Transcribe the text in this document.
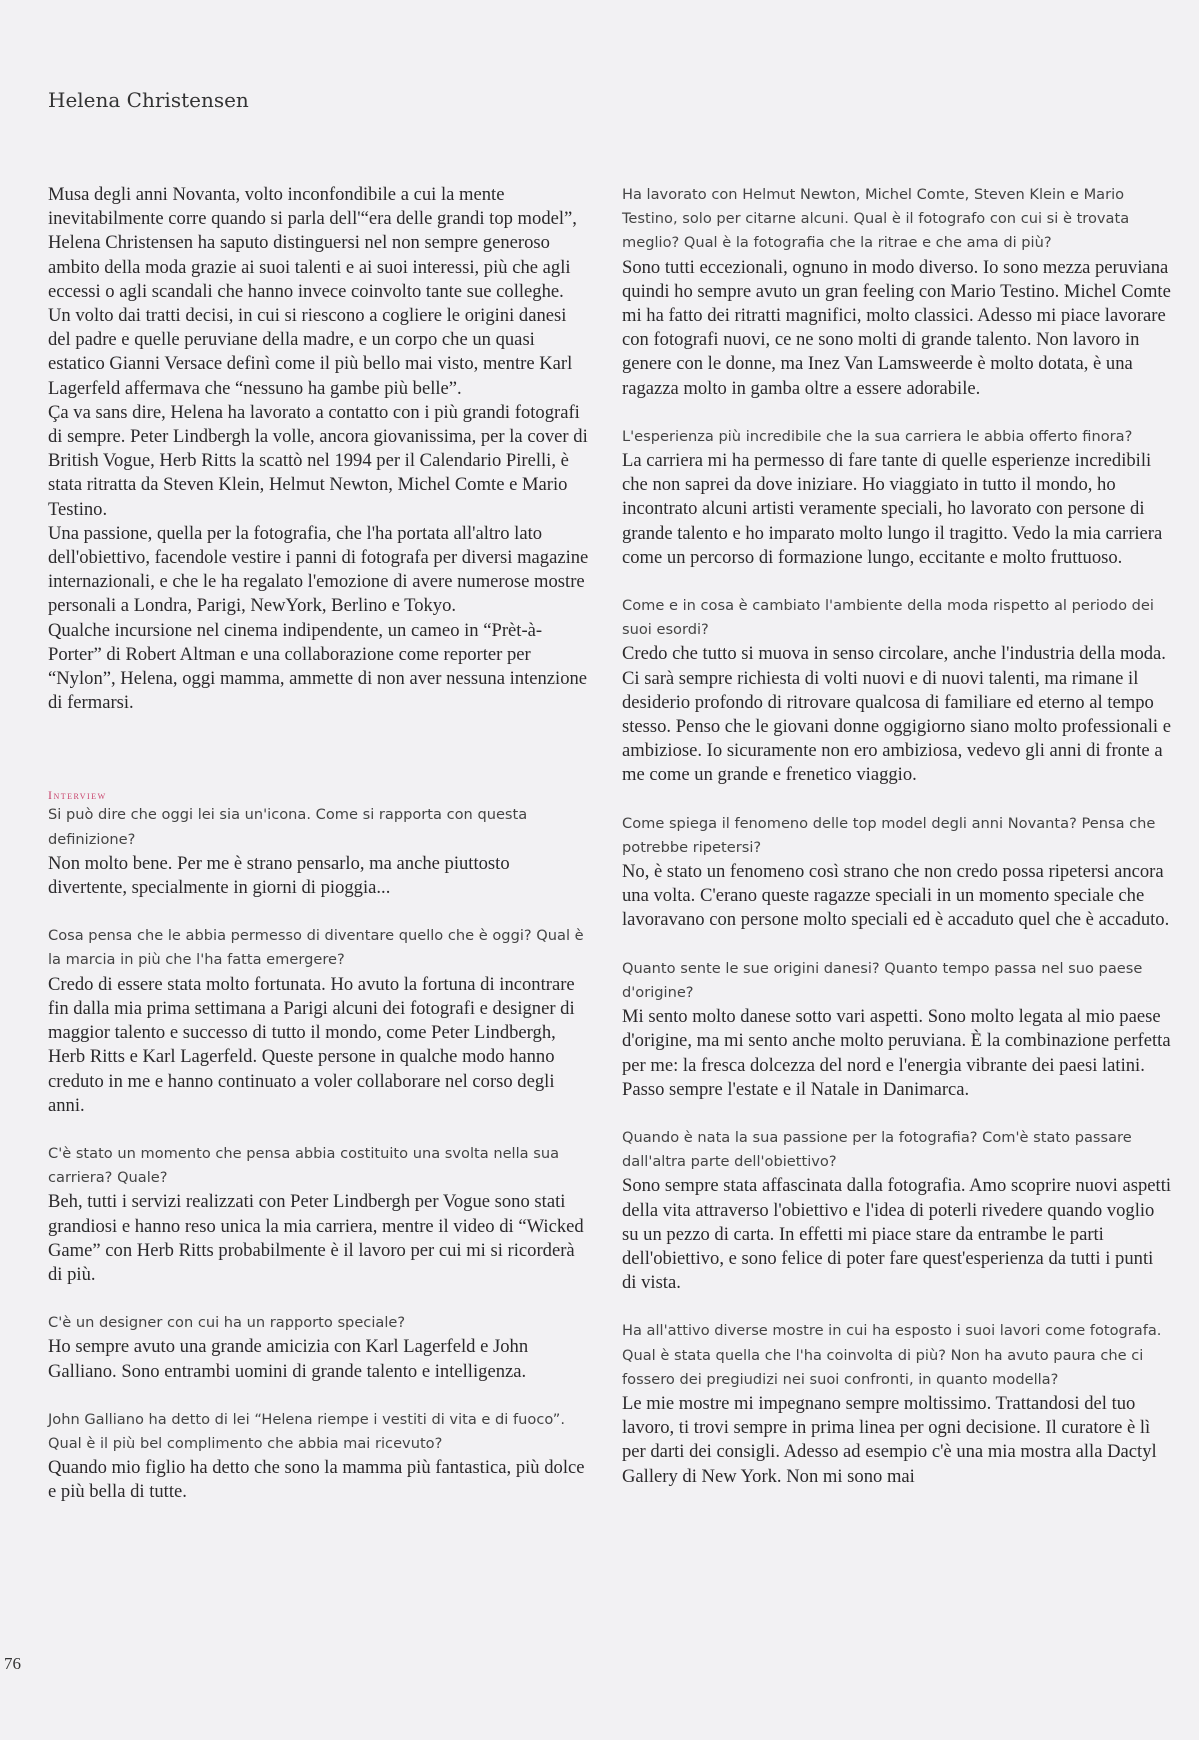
Helena Christensen

Musa degli anni Novanta, volto inconfondibile a cui la mente inevitabilmente corre quando si parla dell'“era delle grandi top model”, Helena Christensen ha saputo distinguersi nel non sempre generoso ambito della moda grazie ai suoi talenti e ai suoi interessi, più che agli eccessi o agli scandali che hanno invece coinvolto tante sue colleghe.

Un volto dai tratti decisi, in cui si riescono a cogliere le origini danesi del padre e quelle peruviane della madre, e un corpo che un quasi estatico Gianni Versace definì come il più bello mai visto, mentre Karl Lagerfeld affermava che “nessuno ha gambe più belle”.

Ça va sans dire, Helena ha lavorato a contatto con i più grandi fotografi di sempre. Peter Lindbergh la volle, ancora giovanissima, per la cover di British Vogue, Herb Ritts la scattò nel 1994 per il Calendario Pirelli, è stata ritratta da Steven Klein, Helmut Newton, Michel Comte e Mario Testino.

Una passione, quella per la fotografia, che l'ha portata all'altro lato dell'obiettivo, facendole vestire i panni di fotografa per diversi magazine internazionali, e che le ha regalato l'emozione di avere numerose mostre personali a Londra, Parigi, NewYork, Berlino e Tokyo.

Qualche incursione nel cinema indipendente, un cameo in “Prèt-à-Porter” di Robert Altman e una collaborazione come reporter per “Nylon”, Helena, oggi mamma, ammette di non aver nessuna intenzione di fermarsi.

Interview

Si può dire che oggi lei sia un'icona. Come si rapporta con questa definizione?

Non molto bene. Per me è strano pensarlo, ma anche piuttosto divertente, specialmente in giorni di pioggia...

Cosa pensa che le abbia permesso di diventare quello che è oggi? Qual è la marcia in più che l'ha fatta emergere?

Credo di essere stata molto fortunata. Ho avuto la fortuna di incontrare fin dalla mia prima settimana a Parigi alcuni dei fotografi e designer di maggior talento e successo di tutto il mondo, come Peter Lindbergh, Herb Ritts e Karl Lagerfeld. Queste persone in qualche modo hanno creduto in me e hanno continuato a voler collaborare nel corso degli anni.

C'è stato un momento che pensa abbia costituito una svolta nella sua carriera? Quale?

Beh, tutti i servizi realizzati con Peter Lindbergh per Vogue sono stati grandiosi e hanno reso unica la mia carriera, mentre il video di “Wicked Game” con Herb Ritts probabilmente è il lavoro per cui mi si ricorderà di più.

C'è un designer con cui ha un rapporto speciale?

Ho sempre avuto una grande amicizia con Karl Lagerfeld e John Galliano. Sono entrambi uomini di grande talento e intelligenza.

John Galliano ha detto di lei “Helena riempe i vestiti di vita e di fuoco”. Qual è il più bel complimento che abbia mai ricevuto?

Quando mio figlio ha detto che sono la mamma più fantastica, più dolce e più bella di tutte.

Ha lavorato con Helmut Newton, Michel Comte, Steven Klein e Mario Testino, solo per citarne alcuni. Qual è il fotografo con cui si è trovata meglio? Qual è la fotografia che la ritrae e che ama di più?

Sono tutti eccezionali, ognuno in modo diverso. Io sono mezza peruviana quindi ho sempre avuto un gran feeling con Mario Testino. Michel Comte mi ha fatto dei ritratti magnifici, molto classici. Adesso mi piace lavorare con fotografi nuovi, ce ne sono molti di grande talento. Non lavoro in genere con le donne, ma Inez Van Lamsweerde è molto dotata, è una ragazza molto in gamba oltre a essere adorabile.

L'esperienza più incredibile che la sua carriera le abbia offerto finora?

La carriera mi ha permesso di fare tante di quelle esperienze incredibili che non saprei da dove iniziare. Ho viaggiato in tutto il mondo, ho incontrato alcuni artisti veramente speciali, ho lavorato con persone di grande talento e ho imparato molto lungo il tragitto. Vedo la mia carriera come un percorso di formazione lungo, eccitante e molto fruttuoso.

Come e in cosa è cambiato l'ambiente della moda rispetto al periodo dei suoi esordi?

Credo che tutto si muova in senso circolare, anche l'industria della moda. Ci sarà sempre richiesta di volti nuovi e di nuovi talenti, ma rimane il desiderio profondo di ritrovare qualcosa di familiare ed eterno al tempo stesso. Penso che le giovani donne oggigiorno siano molto professionali e ambiziose. Io sicuramente non ero ambiziosa, vedevo gli anni di fronte a me come un grande e frenetico viaggio.

Come spiega il fenomeno delle top model degli anni Novanta? Pensa che potrebbe ripetersi?

No, è stato un fenomeno così strano che non credo possa ripetersi ancora una volta. C'erano queste ragazze speciali in un momento speciale che lavoravano con persone molto speciali ed è accaduto quel che è accaduto.

Quanto sente le sue origini danesi? Quanto tempo passa nel suo paese d'origine?

Mi sento molto danese sotto vari aspetti. Sono molto legata al mio paese d'origine, ma mi sento anche molto peruviana. È la combinazione perfetta per me: la fresca dolcezza del nord e l'energia vibrante dei paesi latini. Passo sempre l'estate e il Natale in Danimarca.

Quando è nata la sua passione per la fotografia? Com'è stato passare dall'altra parte dell'obiettivo?

Sono sempre stata affascinata dalla fotografia. Amo scoprire nuovi aspetti della vita attraverso l'obiettivo e l'idea di poterli rivedere quando voglio su un pezzo di carta. In effetti mi piace stare da entrambe le parti dell'obiettivo, e sono felice di poter fare quest'esperienza da tutti i punti di vista.

Ha all'attivo diverse mostre in cui ha esposto i suoi lavori come fotografa. Qual è stata quella che l'ha coinvolta di più? Non ha avuto paura che ci fossero dei pregiudizi nei suoi confronti, in quanto modella?

Le mie mostre mi impegnano sempre moltissimo. Trattandosi del tuo lavoro, ti trovi sempre in prima linea per ogni decisione. Il curatore è lì per darti dei consigli. Adesso ad esempio c'è una mia mostra alla Dactyl Gallery di New York. Non mi sono mai

76
